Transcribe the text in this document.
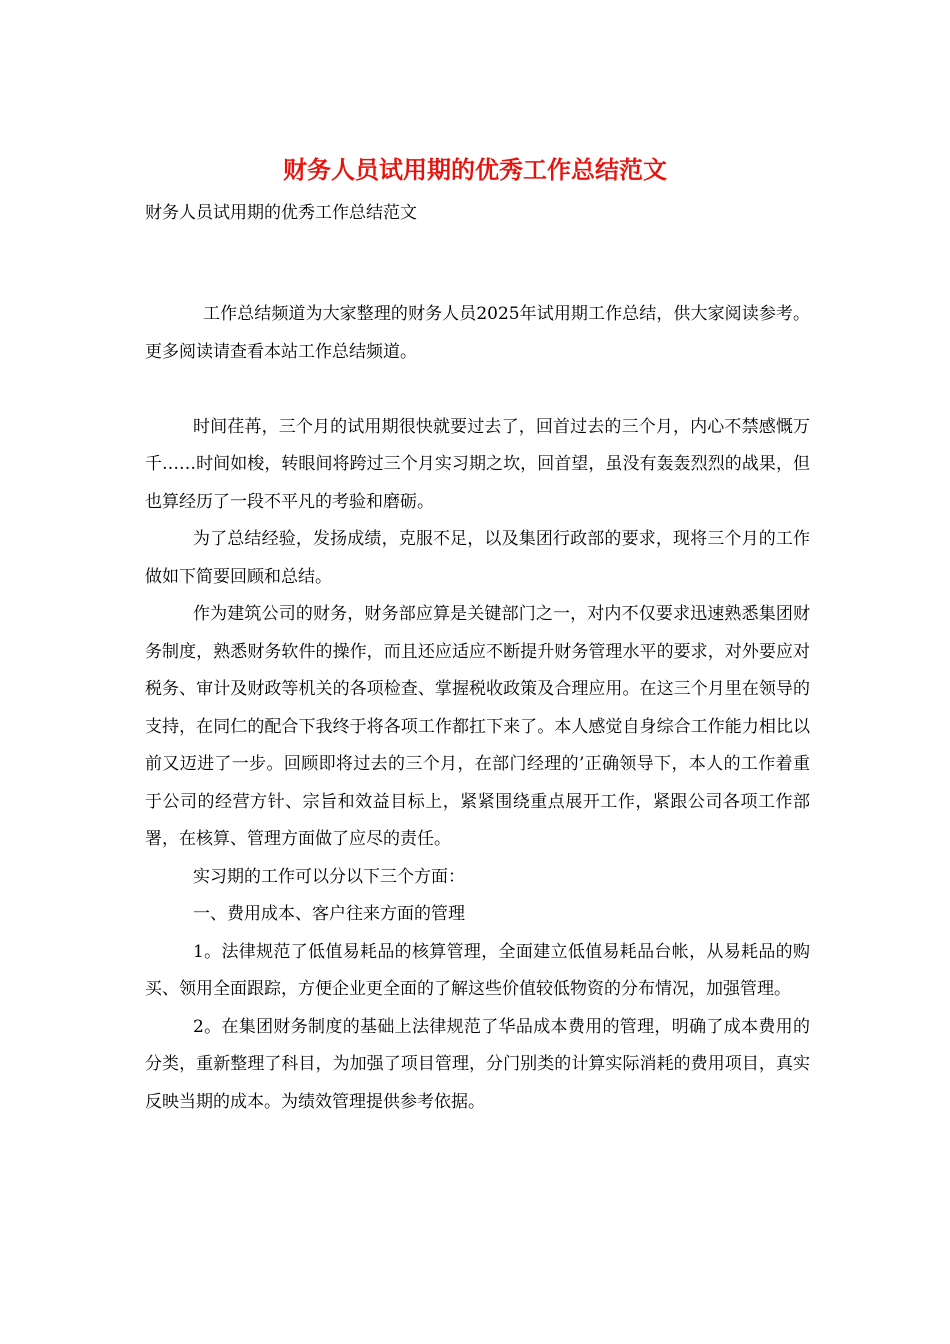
财务人员试用期的优秀工作总结范文
财务人员试用期的优秀工作总结范文

工作总结频道为大家整理的财务人员2025年试用期工作总结，供大家阅读参考。更多阅读请查看本站工作总结频道。

时间荏苒，三个月的试用期很快就要过去了，回首过去的三个月，内心不禁感慨万千……时间如梭，转眼间将跨过三个月实习期之坎，回首望，虽没有轰轰烈烈的战果，但也算经历了一段不平凡的考验和磨砺。

为了总结经验，发扬成绩，克服不足，以及集团行政部的要求，现将三个月的工作做如下简要回顾和总结。

作为建筑公司的财务，财务部应算是关键部门之一，对内不仅要求迅速熟悉集团财务制度，熟悉财务软件的操作，而且还应适应不断提升财务管理水平的要求，对外要应对税务、审计及财政等机关的各项检查、掌握税收政策及合理应用。在这三个月里在领导的支持，在同仁的配合下我终于将各项工作都扛下来了。本人感觉自身综合工作能力相比以前又迈进了一步。回顾即将过去的三个月，在部门经理的’正确领导下，本人的工作着重于公司的经营方针、宗旨和效益目标上，紧紧围绕重点展开工作，紧跟公司各项工作部署，在核算、管理方面做了应尽的责任。

实习期的工作可以分以下三个方面：

一、费用成本、客户往来方面的管理

1。法律规范了低值易耗品的核算管理，全面建立低值易耗品台帐，从易耗品的购买、领用全面跟踪，方便企业更全面的了解这些价值较低物资的分布情况，加强管理。

2。在集团财务制度的基础上法律规范了华品成本费用的管理，明确了成本费用的分类，重新整理了科目，为加强了项目管理，分门别类的计算实际消耗的费用项目，真实反映当期的成本。为绩效管理提供参考依据。
